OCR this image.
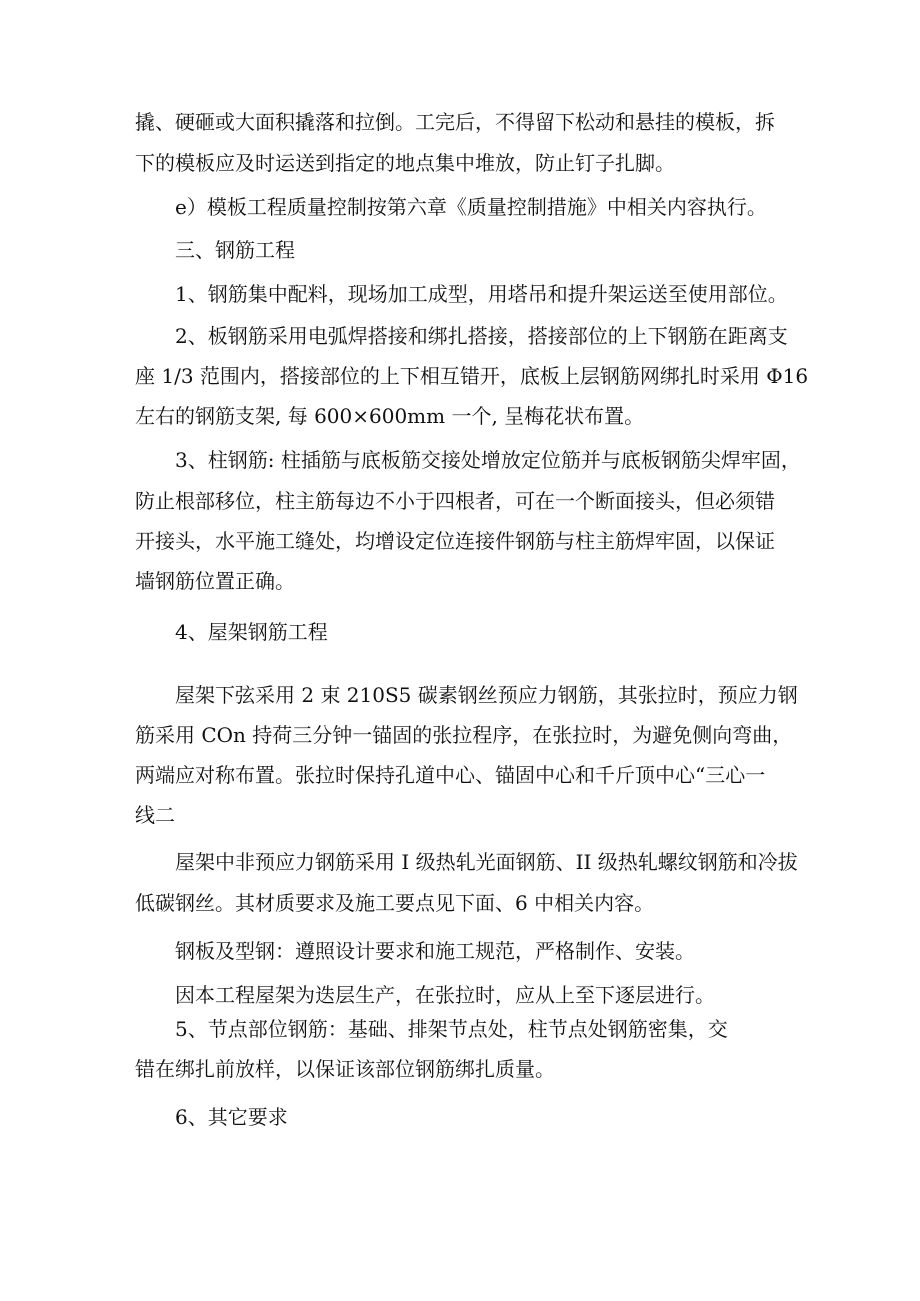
撬、硬砸或大面积撬落和拉倒。工完后，不得留下松动和悬挂的模板，拆
下的模板应及时运送到指定的地点集中堆放，防止钉子扎脚。
e）模板工程质量控制按第六章《质量控制措施》中相关内容执行。
三、钢筋工程
1、钢筋集中配料，现场加工成型，用塔吊和提升架运送至使用部位。
2、板钢筋采用电弧焊搭接和绑扎搭接，搭接部位的上下钢筋在距离支
座 1/3 范围内，搭接部位的上下相互错开，底板上层钢筋网绑扎时采用 Φ16
左右的钢筋支架, 每 600×600mm 一个, 呈梅花状布置。
3、柱钢筋: 柱插筋与底板筋交接处增放定位筋并与底板钢筋尖焊牢固，
防止根部移位，柱主筋每边不小于四根者，可在一个断面接头，但必须错
开接头，水平施工缝处，均增设定位连接件钢筋与柱主筋焊牢固，以保证
墙钢筋位置正确。
4、屋架钢筋工程
屋架下弦采用 2 束 210S5 碳素钢丝预应力钢筋，其张拉时，预应力钢
筋采用 COn 持荷三分钟一锚固的张拉程序，在张拉时，为避免侧向弯曲，
两端应对称布置。张拉时保持孔道中心、锚固中心和千斤顶中心“三心一
线二
屋架中非预应力钢筋采用 I 级热轧光面钢筋、II 级热轧螺纹钢筋和冷拔
低碳钢丝。其材质要求及施工要点见下面、6 中相关内容。
钢板及型钢：遵照设计要求和施工规范，严格制作、安装。
因本工程屋架为迭层生产，在张拉时，应从上至下逐层进行。
5、节点部位钢筋：基础、排架节点处，柱节点处钢筋密集，交
错在绑扎前放样，以保证该部位钢筋绑扎质量。
6、其它要求
